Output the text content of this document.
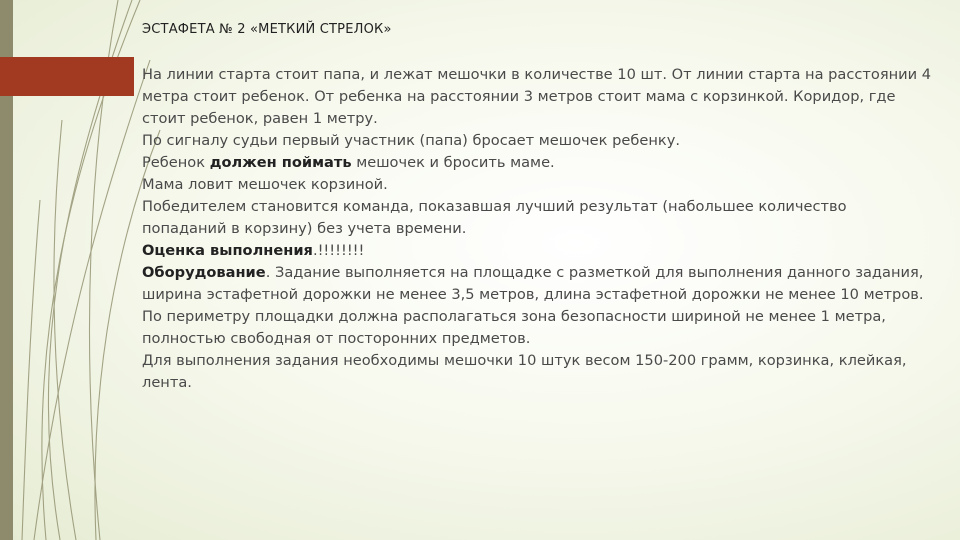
ЭСТАФЕТА № 2 «МЕТКИЙ СТРЕЛОК»

На линии старта стоит папа, и лежат мешочки в количестве 10 шт. От линии старта на расстоянии 4 метра стоит ребенок. От ребенка на расстоянии 3 метров стоит мама с корзинкой. Коридор, где стоит ребенок, равен 1 метру.

По сигналу судьи первый участник (папа) бросает мешочек ребенку.

Ребенок должен поймать мешочек и бросить маме.

Мама ловит мешочек корзиной.

Победителем становится команда, показавшая лучший результат (набольшее количество попаданий в корзину) без учета времени.

Оценка выполнения.!!!!!!!!

Оборудование. Задание выполняется на площадке с разметкой для выполнения данного задания, ширина эстафетной дорожки не менее 3,5 метров, длина эстафетной дорожки не менее 10 метров.

По периметру площадки должна располагаться зона безопасности шириной не менее 1 метра, полностью свободная от посторонних предметов.

Для выполнения задания необходимы мешочки 10 штук весом 150-200 грамм, корзинка, клейкая, лента.
